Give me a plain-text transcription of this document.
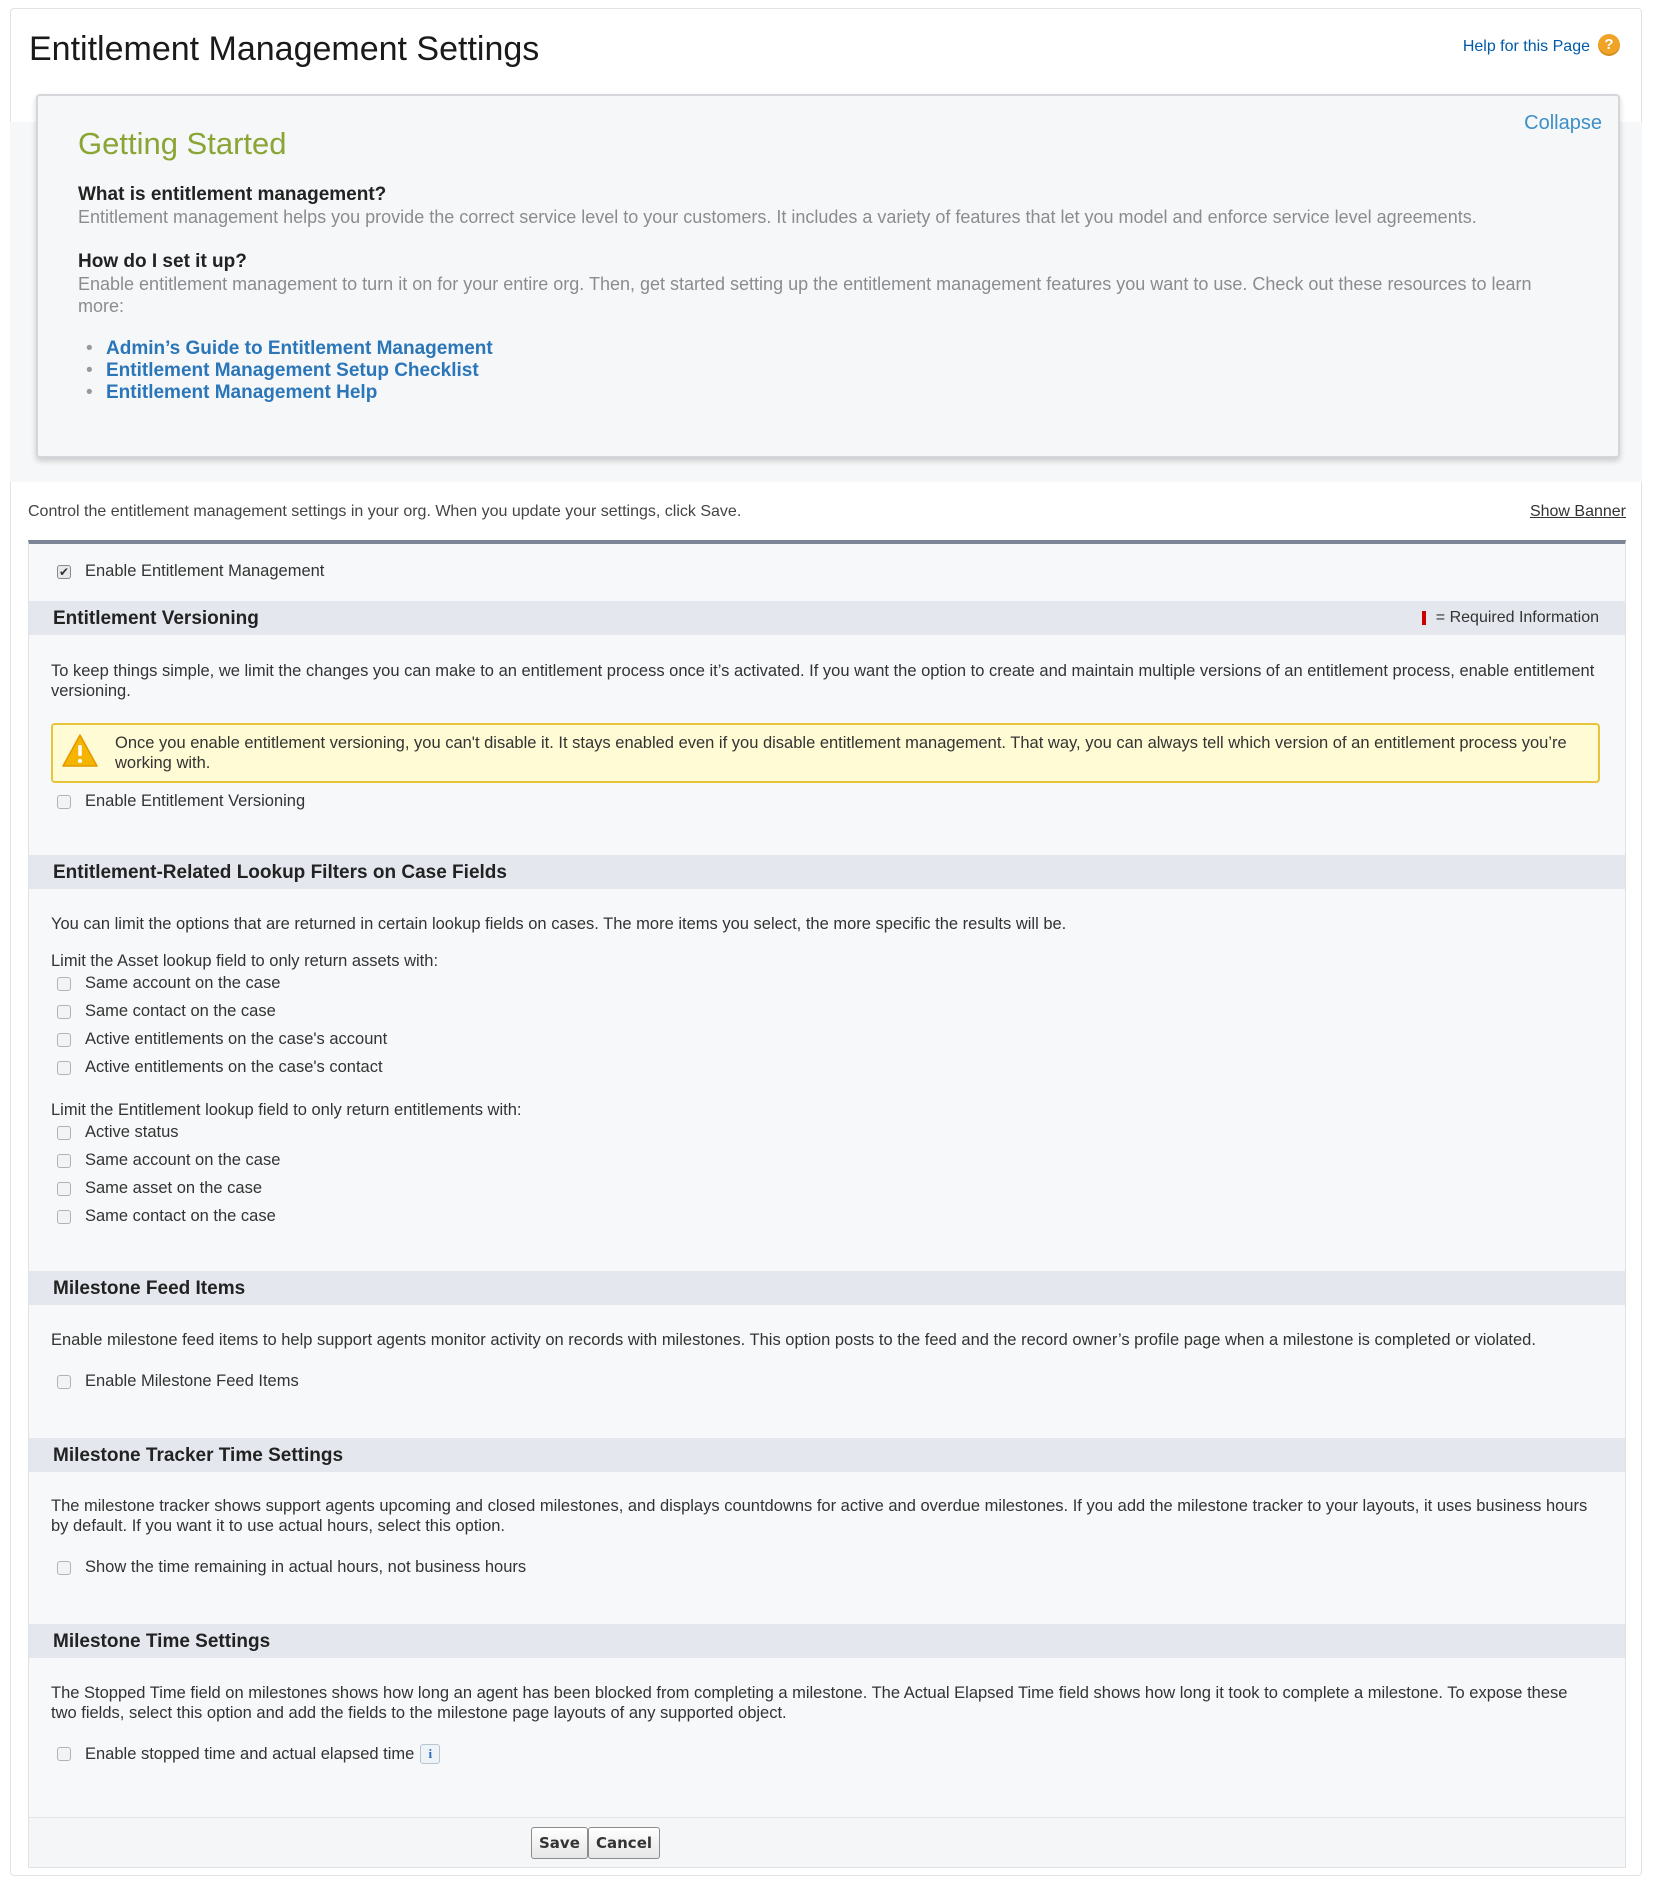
Entitlement Management Settings	Help for this Page ?
Collapse
Getting Started
What is entitlement management?
Entitlement management helps you provide the correct service level to your customers. It includes a variety of features that let you model and enforce service level agreements.
How do I set it up?
Enable entitlement management to turn it on for your entire org. Then, get started setting up the entitlement management features you want to use. Check out these resources to learn more:
• Admin’s Guide to Entitlement Management
• Entitlement Management Setup Checklist
• Entitlement Management Help
Control the entitlement management settings in your org. When you update your settings, click Save.	Show Banner
✔ Enable Entitlement Management
Entitlement Versioning	= Required Information
To keep things simple, we limit the changes you can make to an entitlement process once it’s activated. If you want the option to create and maintain multiple versions of an entitlement process, enable entitlement versioning.
Once you enable entitlement versioning, you can't disable it. It stays enabled even if you disable entitlement management. That way, you can always tell which version of an entitlement process you’re working with.
Enable Entitlement Versioning
Entitlement-Related Lookup Filters on Case Fields
You can limit the options that are returned in certain lookup fields on cases. The more items you select, the more specific the results will be.
Limit the Asset lookup field to only return assets with:
Same account on the case
Same contact on the case
Active entitlements on the case's account
Active entitlements on the case's contact
Limit the Entitlement lookup field to only return entitlements with:
Active status
Same account on the case
Same asset on the case
Same contact on the case
Milestone Feed Items
Enable milestone feed items to help support agents monitor activity on records with milestones. This option posts to the feed and the record owner’s profile page when a milestone is completed or violated.
Enable Milestone Feed Items
Milestone Tracker Time Settings
The milestone tracker shows support agents upcoming and closed milestones, and displays countdowns for active and overdue milestones. If you add the milestone tracker to your layouts, it uses business hours by default. If you want it to use actual hours, select this option.
Show the time remaining in actual hours, not business hours
Milestone Time Settings
The Stopped Time field on milestones shows how long an agent has been blocked from completing a milestone. The Actual Elapsed Time field shows how long it took to complete a milestone. To expose these two fields, select this option and add the fields to the milestone page layouts of any supported object.
Enable stopped time and actual elapsed time	i
Save	Cancel
